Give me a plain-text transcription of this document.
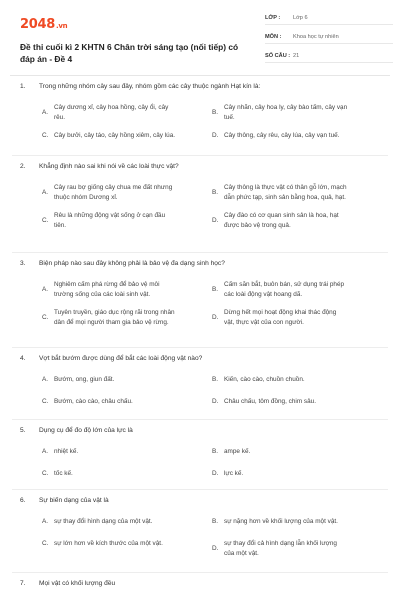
2048.vn
Đề thi cuối kì 2 KHTN 6 Chân trời sáng tạo (nối tiếp) có đáp án - Đề 4
LỚP :	Lớp 6
MÔN :	Khoa học tự nhiên
SỐ CÂU : 21
1. Trong những nhóm cây sau đây, nhóm gồm các cây thuộc ngành Hạt kín là:
A.
Cây dương xỉ, cây hoa hồng, cây ổi, cây
rêu.
B.
Cây nhãn, cây hoa ly, cây bào tấm, cây vạn
tuế.
C. Cây bưởi, cây táo, cây hồng xiêm, cây lúa.	D. Cây thông, cây rêu, cây lúa, cây vạn tuế.
2. Khẳng định nào sai khi nói về các loài thực vật?
A.
Cây rau bợ giống cây chua me đất nhưng
thuộc nhóm Dương xỉ.
B.
Cây thông là thực vật có thân gỗ lớn, mạch
dẫn phức tạp, sinh sản bằng hoa, quả, hạt.
C.
Rêu là những động vật sống ở cạn đầu
tiên.
D.
Cây đào có cơ quan sinh sản là hoa, hạt
được bảo vệ trong quả.
3. Biện pháp nào sau đây không phải là bảo vệ đa dạng sinh học?
A.
Nghiêm cấm phá rừng để bảo vệ môi
trường sống của các loài sinh vật.
B.
Cấm săn bắt, buôn bán, sử dụng trái phép
các loài động vật hoang dã.
C.
Tuyên truyền, giáo dục rộng rãi trong nhân
dân để mọi người tham gia bảo vệ rừng.
D.
Dừng hết mọi hoạt động khai thác động
vật, thực vật của con người.
4. Vợt bắt bướm được dùng để bắt các loài động vật nào?
A. Bướm, ong, giun đất.	B. Kiến, cào cào, chuồn chuồn.
C. Bướm, cào cào, châu chấu.	D. Châu chấu, tôm đồng, chim sâu.
5. Dụng cụ để đo độ lớn của lực là
A. nhiệt kế.	B. ampe kế.
C. tốc kế.	D. lực kế.
6. Sự biến dạng của vật là
A. sự thay đổi hình dạng của một vật.	B. sự nặng hơn về khối lượng của một vật.
C. sự lớn hơn về kích thước của một vật.
D.
sự thay đổi cả hình dạng lẫn khối lượng
của một vật.
7. Mọi vật có khối lượng đều
